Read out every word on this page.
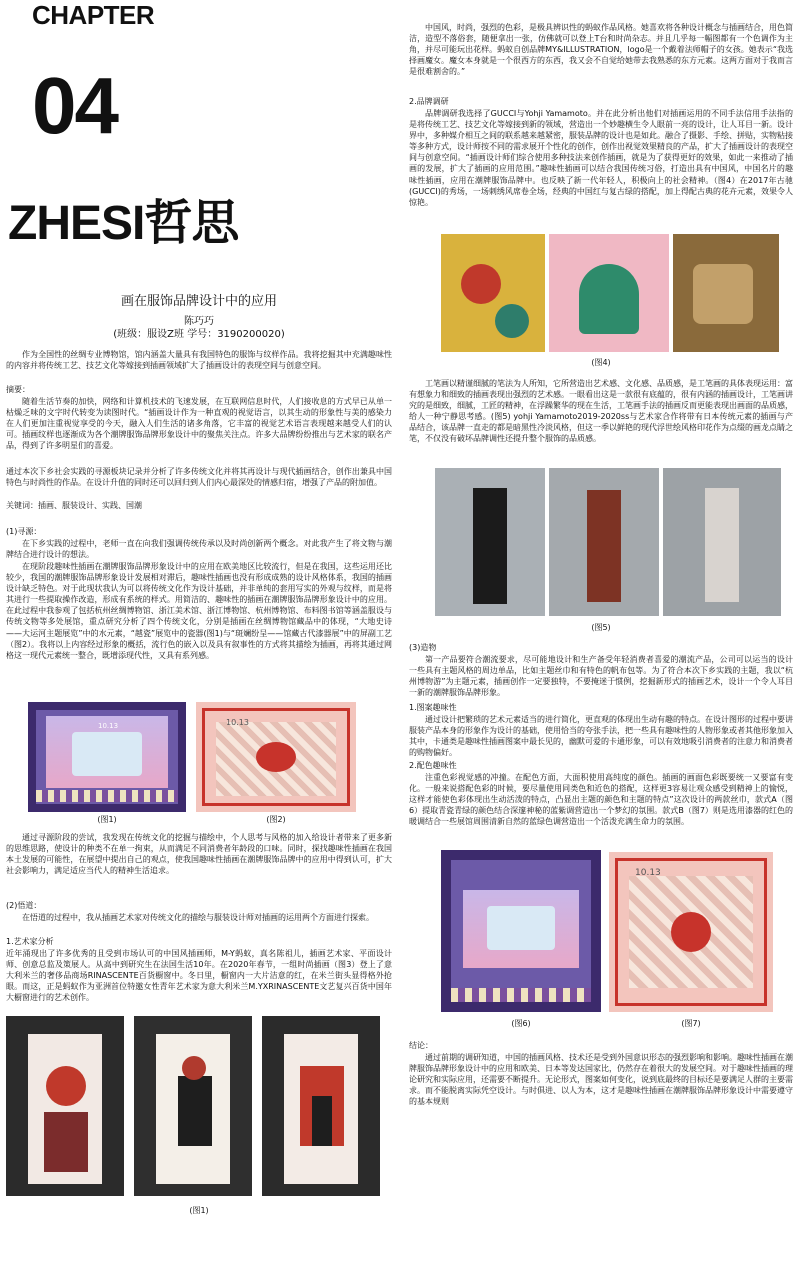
CHAPTER
04
ZHESI哲思
画在服饰品牌设计中的应用
陈巧巧
(班级：服设Z班 学号：3190200020)

作为全国性的丝绸专业博物馆，馆内涵盖大量具有我国特色的服饰与纹样作品。我将挖掘其中充满趣味性的内容并将传统工艺、技艺文化等嫁接到插画领域扩大了插画设计的表现空间与创意空间。

摘要：

随着生活节奏的加快，网络和计算机技术的飞速发展，在互联网信息时代，人们接收息的方式早已从单一枯燥乏味的文字时代转变为读图时代。“插画设计作为一种直观的视觉语言，以其生动的形象性与美的感染力在人们更加注重视觉享受的今天，融入人们生活的诸多角落，它丰富的视觉艺术语言表现越来越受人们的认可。插画纹样也逐渐成为各个潮牌服饰品牌形象设计中的聚焦关注点。许多大品牌纷纷推出与艺术家的联名产品，得到了许多明星们的喜爱。

通过本次下乡社会实践的寻源板块记录并分析了许多传统文化并将其再设计与现代插画结合，创作出兼具中国特色与时尚性的作品。在设计升值的同时还可以回归到人们内心最深处的情感归宿，增强了产品的附加值。

关键词：插画、服装设计、实践、国潮

(1)寻源：

在下乡实践的过程中，老师一直在向我们强调传统传承以及时尚创新两个概念。对此我产生了将文物与潮牌结合进行设计的想法。

在现阶段趣味性插画在潮牌服饰品牌形象设计中的应用在欧美地区比较流行，但是在我国，这些运用还比较少，我国的潮牌服饰品牌形象设计发展相对滞后，趣味性插画也没有形成成熟的设计风格体系，我国的插画设计缺乏特色。对于此现状我认为可以将传统文化作为设计基础，并非单纯的套用写实的外观与纹样，而是将其进行一些提取操作改造，形成有系统的样式。用简洁的、趣味性的插画在潮牌服饰品牌形象设计中的应用。在此过程中我参观了包括杭州丝绸博物馆、浙江美术馆、浙江博物馆、杭州博物馆、布料图书馆等涵盖服设与传统文物等多处展馆，重点研究分析了四个传统文化，分别是插画在丝绸博物馆藏品中的体现，“大地史诗——大运河主题展览”中的水元素，“越瓷”展览中的瓷器(图1)与“斑斓纷呈——馆藏古代漆器展”中的屏副工艺（图2）。我将以上内容经过形象的概括，流行色的嵌入以及具有叙事性的方式将其描绘为插画，再将其通过网格这一现代元素统一整合，既增添现代性，又具有系列感。

10.13
(图1)
10.13
(图2)

通过寻源阶段的尝试，我发现在传统文化的挖掘与描绘中，个人思考与风格的加入给设计者带来了更多新的思维思路，使设计的种类不在单一拘束，从而满足不同消费者年龄段的口味。同时，探找趣味性插画在我国本土发展的可能性，在展望中提出自己的观点，使我国趣味性插画在潮牌服饰品牌中的应用中得到认可，扩大社会影响力，满足适应当代人的精神生活追求。

(2)悟道：

在悟道的过程中，我从插画艺术家对传统文化的描绘与服装设计师对插画的运用两个方面进行探索。

1.艺术家分析

近年涌现出了许多优秀的且受到市场认可的中国风插画师，M-Y蚂蚁，真名陈祖儿，插画艺术家、平面设计师、创意总监及策展人。从高中到研究生在法国生活10年。在2020年春节，一组时尚插画（图3）登上了意大利米兰的奢侈品商场RINASCENTE百货橱窗中。冬日里，橱窗内一大片洁意的红，在米兰街头显得格外抢眼。而这，正是蚂蚁作为亚洲首位特邀女性青年艺术家为意大利米兰M.YXRINASCENTE文艺复兴百货中国年大橱窗进行的艺术创作。

(图1)

中国风，时尚，强烈的色彩，是极具辨识性的蚂蚁作品风格。她喜欢将各种设计概念与插画结合，用色简洁，造型不落俗套，随便拿出一张，仿佛就可以登上T台和时尚杂志。并且几乎每一幅图都有一个色调作为主角，并尽可能玩出花样。蚂蚁自创品牌MY&ILLUSTRATION，logo是一个戴着法师帽子的女孩。她表示“我选择画魔女。魔女本身就是一个很西方的东西，我又会不自觉给她带去我熟悉的东方元素。这两方面对于我而言是很难割舍的。”

2.品牌调研

品牌调研我选择了GUCCI与Yohji Yamamoto。并在此分析出他们对插画运用的不同手法信用手法指的是将传统工艺、技艺文化等嫁接到新的领域，营造出一个妙趣横生令人眼前一亮的设计，让人耳目一新。设计界中，多种媒介相互之间的联系越来越紧密，服装品牌的设计也是如此。融合了摄影、手绘、拼贴，实物粘接等多种方式，设计师按不同的需求展开个性化的创作，创作出视觉效果精良的产品，扩大了插画设计的表现空间与创意空间。“插画设计师们综合使用多种技法来创作插画，就是为了获得更好的效果，如此一来推动了插画的发展，扩大了插画的应用范围。”趣味性插画可以结合我国传统习俗，打造出具有中国风，中国名片的趣味性插画，应用在潮牌服饰品牌中。也反映了新一代年轻人，积极向上的社会精神。（图4）在2017年古驰(GUCCI)的秀场，一场刺绣风席卷全场，经典的中国红与复古绿的搭配，加上得配古典的花卉元素，效果令人惊艳。

(图4)

工笔画以精谨细腻的笔法为人所知，它所营造出艺术感、文化感、品质感，是工笔画的具体表现运用：富有想象力和细致的插画表现出强烈的艺术感。一眼看出这是一款很有底蕴的，很有内涵的插画设计，工笔画讲究的是细致，细腻，工匠的精神，在浮躁繁华的现在生活，工笔画手法的插画反而更能表现出画面的品质感，给人一种宁静思考感。(图5) yohji Yamamoto2019-2020ss与艺术家合作将带有日本传统元素的插画与产品结合，该品牌一直走的都是暗黑性冷淡风格，但这一季以鲜艳的现代浮世绘风格印花作为点缀的画龙点睛之笔，不仅没有破坏品牌调性还提升整个服饰的品质感。

(图5)

(3)造物

第一产品要符合潮流要求，尽可能地设计和生产备受年轻消费者喜爱的潮流产品，公司可以运当的设计 一些具有主题风格的周边单品，比如主题丝巾和有特色的帆布包等。为了符合本次下乡实践的主题，我以“杭州博物游”为主题元素，插画创作一定要独特，不要掩迷于惯例，挖掘新形式的插画艺术，设计一个令人耳目一新的潮牌服饰品牌形象。

1.图案趣味性

通过设计把繁琐的艺术元素适当的进行简化，更直观的体现出生动有趣的特点。在设计图形的过程中要讲服装产品本身的形象作为设计的基础，使用恰当的夸张手法，把一些具有趣味性的人物形象或者其他形象加入其中，卡通类是趣味性插画图案中最长见的，幽默可爱的卡通形象，可以有效地吸引消费者的注意力和消费者的购物偏好。

2.配色趣味性

注重色彩视觉感的冲撞。在配色方面，大面积使用高纯度的颜色。插画的画面色彩既要统一又要富有变化。一般来说搭配色彩的时候，要尽量使用同类色和近色的搭配，这样更3容易让观众感受到精神上的愉悦，这样才能使色彩体现出生动活泼的特点，凸显出主题的颜色和主题的特点”这次设计的两款丝巾，款式A（图6）提取青瓷青绿的颜色结合深邃神秘的蓝紫调营造出一个梦幻的氛围。款式B（图7）则是选用漆器的红色的暖调结合一些展馆周围清新自然的蓝绿色调营造出一个活泼充满生命力的氛围。

(图6)
10.13
(图7)

结论：

通过前期的调研知道，中国的插画风格、技术还是受到外国意识形态的强烈影响和影响。趣味性插画在潮牌服饰品牌形象设计中的应用和欧美、日本等发达国家比，仍然存在着很大的发展空间。对于趣味性插画的理论研究和实际应用，还需要不断提升。无论形式，图案如何变化，说到底最终的目标还是要满足人群的主要需求。而不能脱离实际凭空设计。与时俱进、以人为本，这才是趣味性插画在潮牌服饰品牌形象设计中需要遵守的基本规则
